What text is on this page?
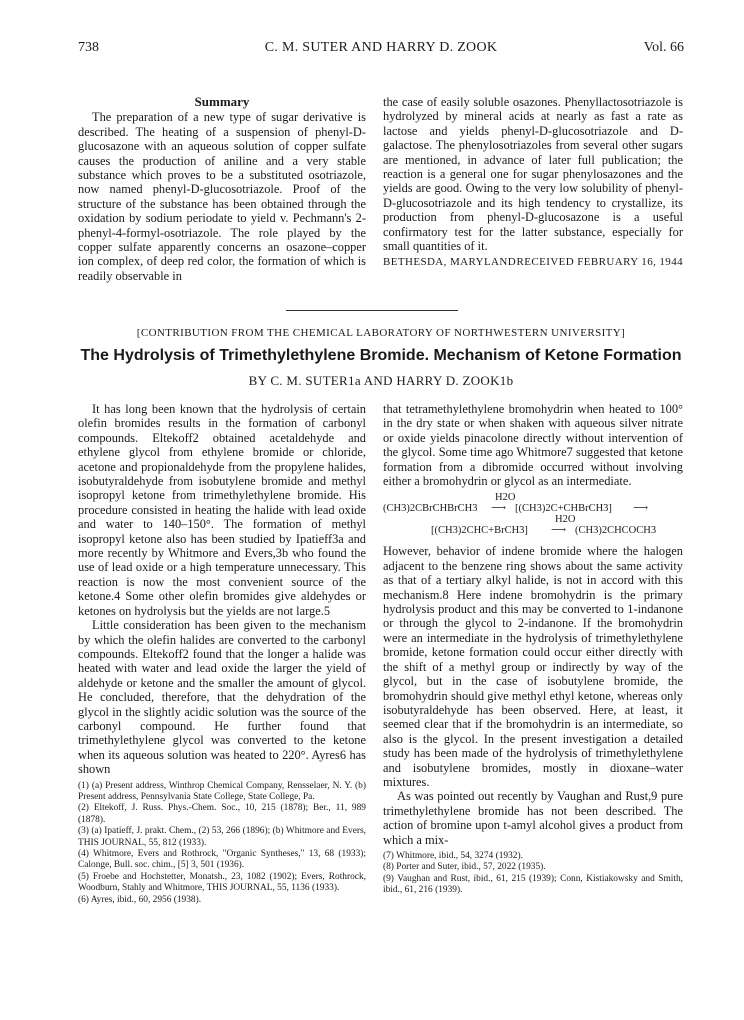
738	C. M. SUTER AND HARRY D. ZOOK	Vol. 66
Summary

The preparation of a new type of sugar derivative is described. The heating of a suspension of phenyl-D-glucosazone with an aqueous solution of copper sulfate causes the production of aniline and a very stable substance which proves to be a substituted osotriazole, now named phenyl-D-glucosotriazole. Proof of the structure of the substance has been obtained through the oxidation by sodium periodate to yield v. Pechmann's 2-phenyl-4-formyl-osotriazole. The role played by the copper sulfate apparently concerns an osazone–copper ion complex, of deep red color, the formation of which is readily observable in

the case of easily soluble osazones. Phenyllactosotriazole is hydrolyzed by mineral acids at nearly as fast a rate as lactose and yields phenyl-D-glucosotriazole and D-galactose. The phenylosotriazoles from several other sugars are mentioned, in advance of later full publication; the reaction is a general one for sugar phenylosazones and the yields are good. Owing to the very low solubility of phenyl-D-glucosotriazole and its high tendency to crystallize, its production from phenyl-D-glucosazone is a useful confirmatory test for the latter substance, especially for small quantities of it.

BETHESDA, MARYLAND RECEIVED FEBRUARY 16, 1944
[CONTRIBUTION FROM THE CHEMICAL LABORATORY OF NORTHWESTERN UNIVERSITY]
The Hydrolysis of Trimethylethylene Bromide. Mechanism of Ketone Formation
BY C. M. SUTER1a AND HARRY D. ZOOK1b

It has long been known that the hydrolysis of certain olefin bromides results in the formation of carbonyl compounds. Eltekoff2 obtained acetaldehyde and ethylene glycol from ethylene bromide or chloride, acetone and propionaldehyde from the propylene halides, isobutyraldehyde from isobutylene bromide and methyl isopropyl ketone from trimethylethylene bromide. His procedure consisted in heating the halide with lead oxide and water to 140–150°. The formation of methyl isopropyl ketone also has been studied by Ipatieff3a and more recently by Whitmore and Evers,3b who found the use of lead oxide or a high temperature unnecessary. This reaction is now the most convenient source of the ketone.4 Some other olefin bromides give aldehydes or ketones on hydrolysis but the yields are not large.5

Little consideration has been given to the mechanism by which the olefin halides are converted to the carbonyl compounds. Eltekoff2 found that the longer a halide was heated with water and lead oxide the larger the yield of aldehyde or ketone and the smaller the amount of glycol. He concluded, therefore, that the dehydration of the glycol in the slightly acidic solution was the source of the carbonyl compound. He further found that trimethylethylene glycol was converted to the ketone when its aqueous solution was heated to 220°. Ayres6 has shown

(1) (a) Present address, Winthrop Chemical Company, Rensselaer, N. Y. (b) Present address, Pennsylvania State College, State College, Pa.
(2) Eltekoff, J. Russ. Phys.-Chem. Soc., 10, 215 (1878); Ber., 11, 989 (1878).
(3) (a) Ipatieff, J. prakt. Chem., (2) 53, 266 (1896); (b) Whitmore and Evers, THIS JOURNAL, 55, 812 (1933).
(4) Whitmore, Evers and Rothrock, "Organic Syntheses," 13, 68 (1933); Calonge, Bull. soc. chim., [5] 3, 501 (1936).
(5) Froebe and Hochstetter, Monatsh., 23, 1082 (1902); Evers, Rothrock, Woodburn, Stahly and Whitmore, THIS JOURNAL, 55, 1136 (1933).
(6) Ayres, ibid., 60, 2956 (1938).

that tetramethylethylene bromohydrin when heated to 100° in the dry state or when shaken with aqueous silver nitrate or oxide yields pinacolone directly without intervention of the glycol. Some time ago Whitmore7 suggested that ketone formation from a dibromide occurred without involving either a bromohydrin or glycol as an intermediate.

(CH3)2CBrCHBrCH3
H2O
⟶ [(CH3)2C+CHBrCH3] ⟶
[(CH3)2CHC+BrCH3]
H2O
⟶ (CH3)2CHCOCH3

However, behavior of indene bromide where the halogen adjacent to the benzene ring shows about the same activity as that of a tertiary alkyl halide, is not in accord with this mechanism.8 Here indene bromohydrin is the primary hydrolysis product and this may be converted to 1-indanone or through the glycol to 2-indanone. If the bromohydrin were an intermediate in the hydrolysis of trimethylethylene bromide, ketone formation could occur either directly with the shift of a methyl group or indirectly by way of the glycol, but in the case of isobutylene bromide, the bromohydrin should give methyl ethyl ketone, whereas only isobutyraldehyde has been observed. Here, at least, it seemed clear that if the bromohydrin is an intermediate, so also is the glycol. In the present investigation a detailed study has been made of the hydrolysis of trimethylethylene and isobutylene bromides, mostly in dioxane–water mixtures.

As was pointed out recently by Vaughan and Rust,9 pure trimethylethylene bromide has not been described. The action of bromine upon t-amyl alcohol gives a product from which a mix-

(7) Whitmore, ibid., 54, 3274 (1932).
(8) Porter and Suter, ibid., 57, 2022 (1935).
(9) Vaughan and Rust, ibid., 61, 215 (1939); Conn, Kistiakowsky and Smith, ibid., 61, 216 (1939).
